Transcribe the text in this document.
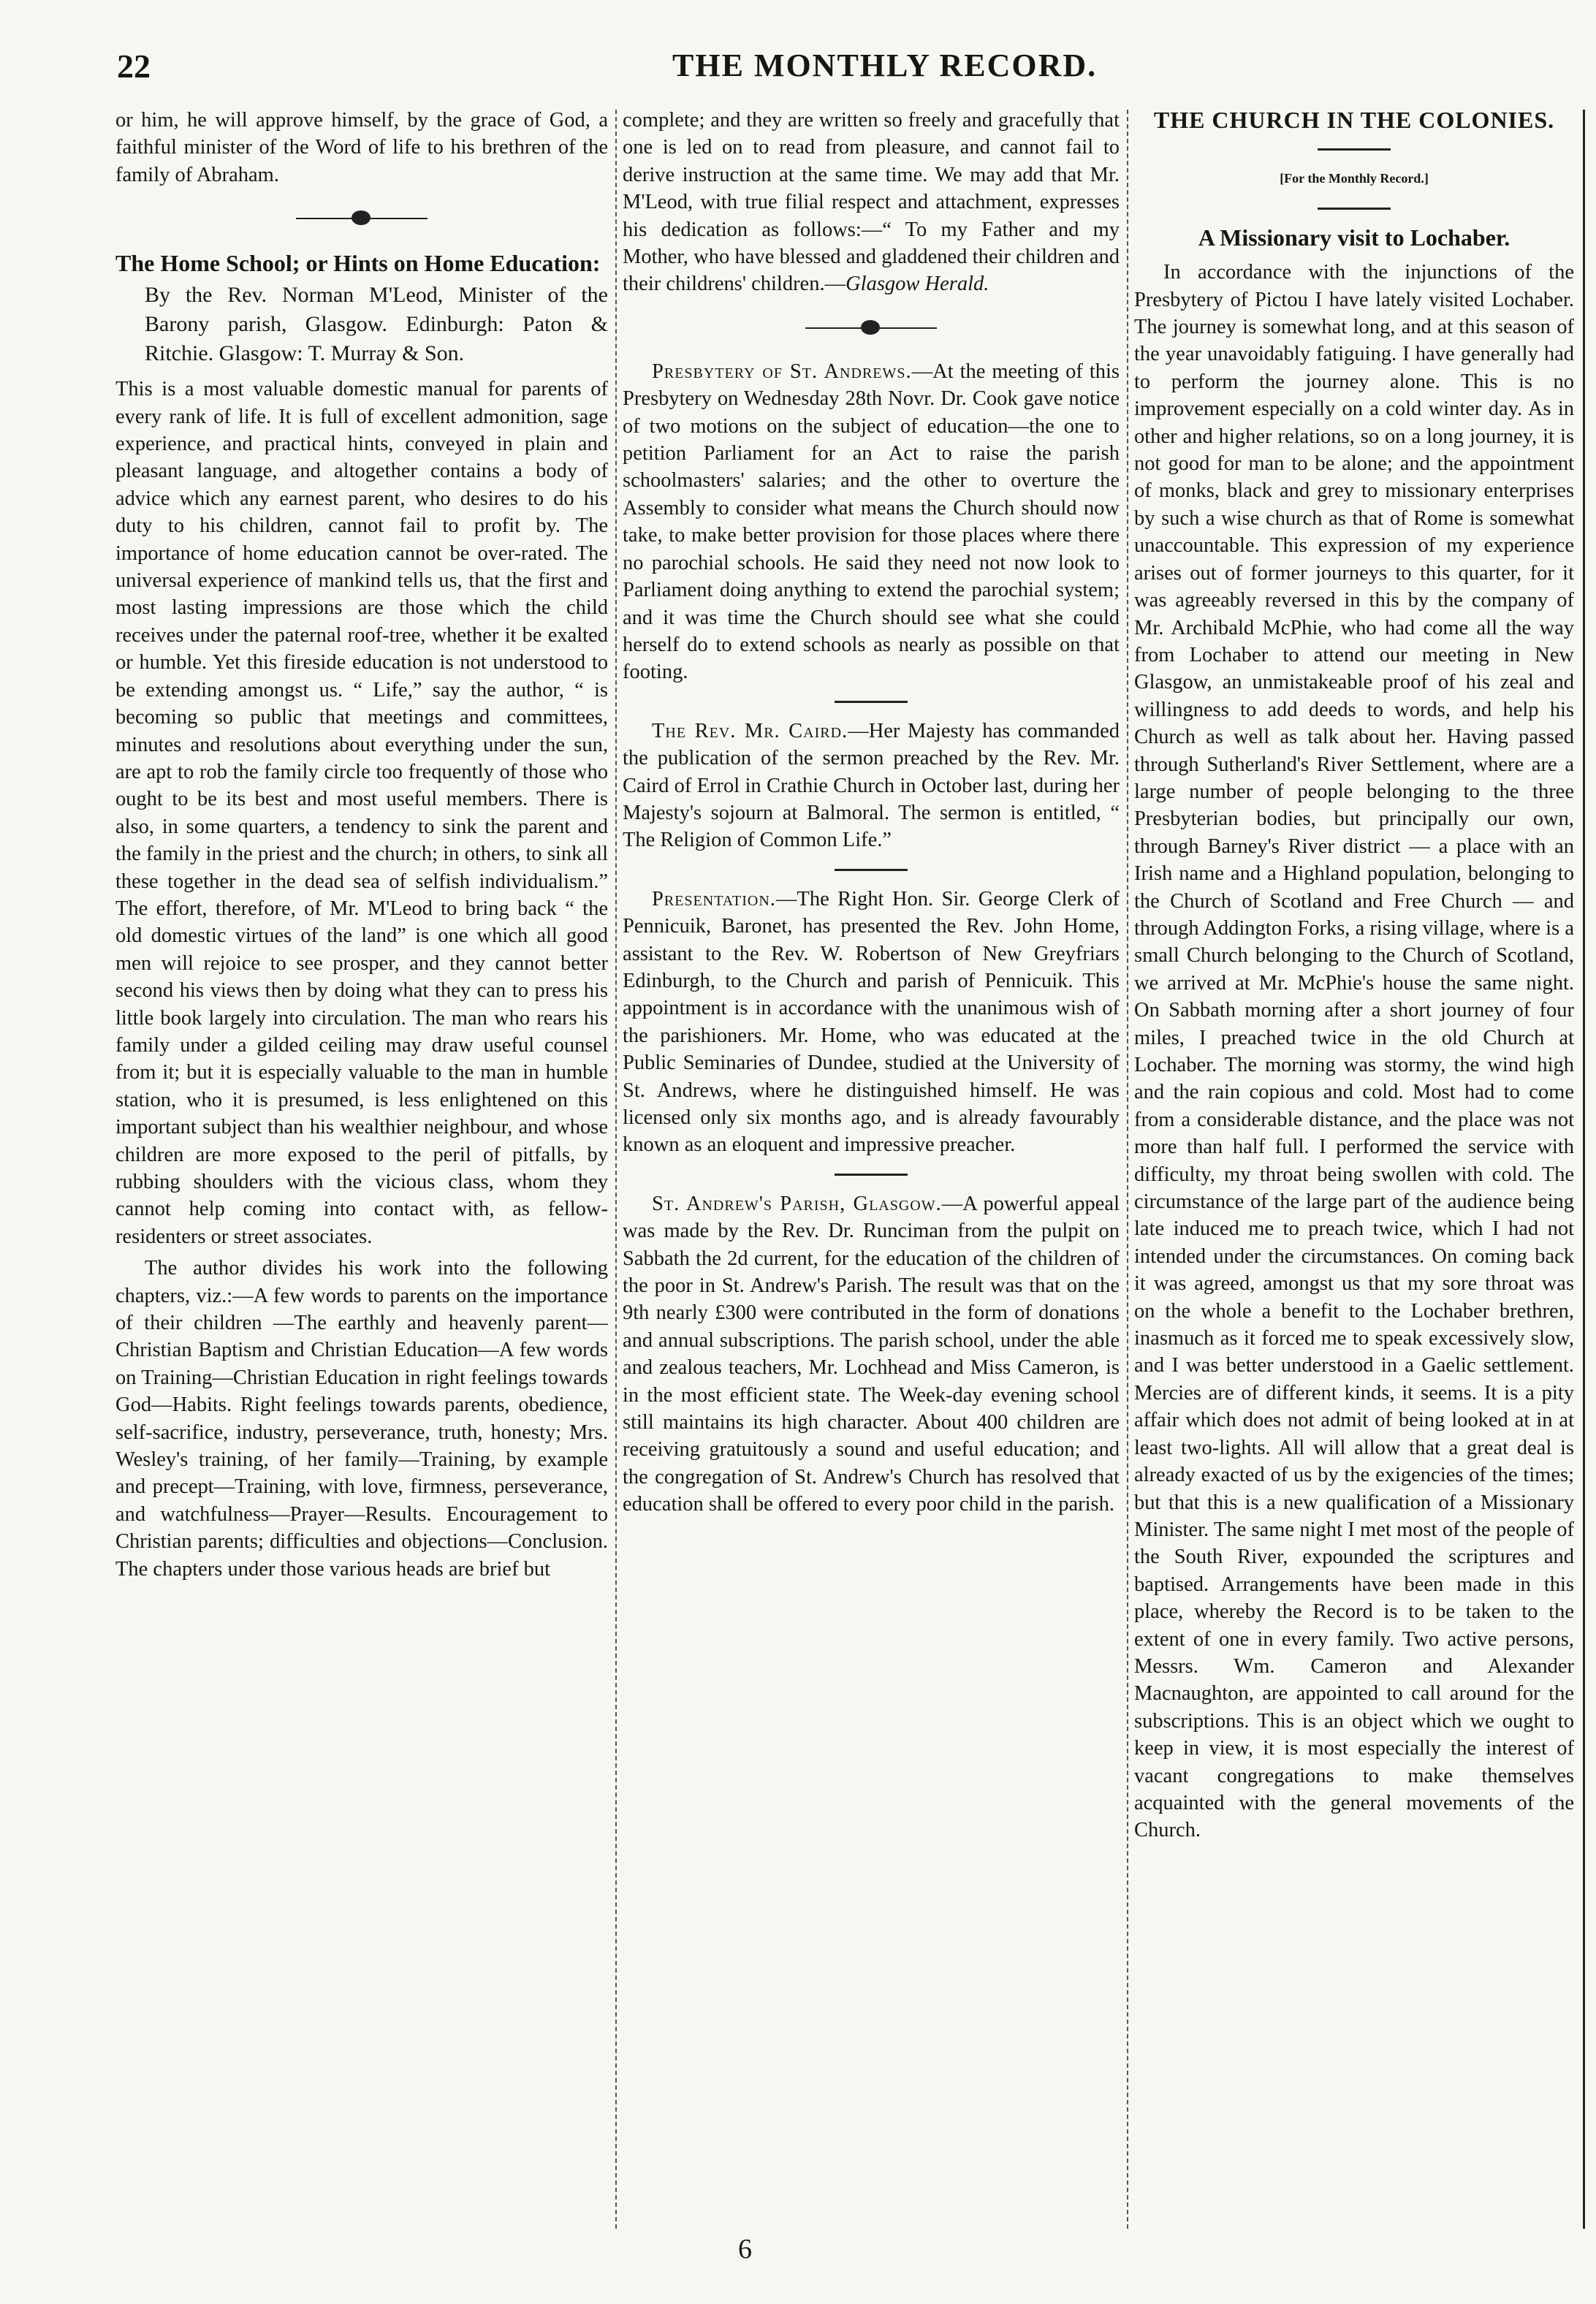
22	THE MONTHLY RECORD.

or him, he will approve himself, by the grace of God, a faithful minister of the Word of life to his brethren of the family of Abraham.

The Home School; or Hints on Home Education:
By the Rev. Norman M'Leod, Minister of the Barony parish, Glasgow. Edinburgh: Paton & Ritchie. Glasgow: T. Murray & Son.

This is a most valuable domestic manual for parents of every rank of life. It is full of excellent admonition, sage experience, and practical hints, conveyed in plain and pleasant language, and altogether contains a body of advice which any earnest parent, who desires to do his duty to his children, cannot fail to profit by. The importance of home education cannot be over-rated. The universal experience of mankind tells us, that the first and most lasting impressions are those which the child receives under the paternal roof-tree, whether it be exalted or humble. Yet this fireside education is not understood to be extending amongst us. “ Life,” say the author, “ is becoming so public that meetings and committees, minutes and resolutions about everything under the sun, are apt to rob the family circle too frequently of those who ought to be its best and most useful members. There is also, in some quarters, a tendency to sink the parent and the family in the priest and the church; in others, to sink all these together in the dead sea of selfish individualism.” The effort, therefore, of Mr. M'Leod to bring back “ the old domestic virtues of the land” is one which all good men will rejoice to see prosper, and they cannot better second his views then by doing what they can to press his little book largely into circulation. The man who rears his family under a gilded ceiling may draw useful counsel from it; but it is especially valuable to the man in humble station, who it is presumed, is less enlightened on this important subject than his wealthier neighbour, and whose children are more exposed to the peril of pitfalls, by rubbing shoulders with the vicious class, whom they cannot help coming into contact with, as fellow-residenters or street associates.

The author divides his work into the following chapters, viz.:—A few words to parents on the importance of their children —The earthly and heavenly parent—Christian Baptism and Christian Education—A few words on Training—Christian Education in right feelings towards God—Habits. Right feelings towards parents, obedience, self-sacrifice, industry, perseverance, truth, honesty; Mrs. Wesley's training, of her family—Training, by example and precept—Training, with love, firmness, perseverance, and watchfulness—Prayer—Results. Encouragement to Christian parents; difficulties and objections—Conclusion. The chapters under those various heads are brief but

complete; and they are written so freely and gracefully that one is led on to read from pleasure, and cannot fail to derive instruction at the same time. We may add that Mr. M'Leod, with true filial respect and attachment, expresses his dedication as follows:—“ To my Father and my Mother, who have blessed and gladdened their children and their childrens' children.—Glasgow Herald.

Presbytery of St. Andrews.—At the meeting of this Presbytery on Wednesday 28th Novr. Dr. Cook gave notice of two motions on the subject of education—the one to petition Parliament for an Act to raise the parish schoolmasters' salaries; and the other to overture the Assembly to consider what means the Church should now take, to make better provision for those places where there no parochial schools. He said they need not now look to Parliament doing anything to extend the parochial system; and it was time the Church should see what she could herself do to extend schools as nearly as possible on that footing.

The Rev. Mr. Caird.—Her Majesty has commanded the publication of the sermon preached by the Rev. Mr. Caird of Errol in Crathie Church in October last, during her Majesty's sojourn at Balmoral. The sermon is entitled, “ The Religion of Common Life.”

Presentation.—The Right Hon. Sir. George Clerk of Pennicuik, Baronet, has presented the Rev. John Home, assistant to the Rev. W. Robertson of New Greyfriars Edinburgh, to the Church and parish of Pennicuik. This appointment is in accordance with the unanimous wish of the parishioners. Mr. Home, who was educated at the Public Seminaries of Dundee, studied at the University of St. Andrews, where he distinguished himself. He was licensed only six months ago, and is already favourably known as an eloquent and impressive preacher.

St. Andrew's Parish, Glasgow.—A powerful appeal was made by the Rev. Dr. Runciman from the pulpit on Sabbath the 2d current, for the education of the children of the poor in St. Andrew's Parish. The result was that on the 9th nearly £300 were contributed in the form of donations and annual subscriptions. The parish school, under the able and zealous teachers, Mr. Lochhead and Miss Cameron, is in the most efficient state. The Week-day evening school still maintains its high character. About 400 children are receiving gratuitously a sound and useful education; and the congregation of St. Andrew's Church has resolved that education shall be offered to every poor child in the parish.

THE CHURCH IN THE COLONIES.
[For the Monthly Record.]
A Missionary visit to Lochaber.

In accordance with the injunctions of the Presbytery of Pictou I have lately visited Lochaber. The journey is somewhat long, and at this season of the year unavoidably fatiguing. I have generally had to perform the journey alone. This is no improvement especially on a cold winter day. As in other and higher relations, so on a long journey, it is not good for man to be alone; and the appointment of monks, black and grey to missionary enterprises by such a wise church as that of Rome is somewhat unaccountable. This expression of my experience arises out of former journeys to this quarter, for it was agreeably reversed in this by the company of Mr. Archibald McPhie, who had come all the way from Lochaber to attend our meeting in New Glasgow, an unmistakeable proof of his zeal and willingness to add deeds to words, and help his Church as well as talk about her. Having passed through Sutherland's River Settlement, where are a large number of people belonging to the three Presbyterian bodies, but principally our own, through Barney's River district — a place with an Irish name and a Highland population, belonging to the Church of Scotland and Free Church — and through Addington Forks, a rising village, where is a small Church belonging to the Church of Scotland, we arrived at Mr. McPhie's house the same night. On Sabbath morning after a short journey of four miles, I preached twice in the old Church at Lochaber. The morning was stormy, the wind high and the rain copious and cold. Most had to come from a considerable distance, and the place was not more than half full. I performed the service with difficulty, my throat being swollen with cold. The circumstance of the large part of the audience being late induced me to preach twice, which I had not intended under the circumstances. On coming back it was agreed, amongst us that my sore throat was on the whole a benefit to the Lochaber brethren, inasmuch as it forced me to speak excessively slow, and I was better understood in a Gaelic settlement. Mercies are of different kinds, it seems. It is a pity affair which does not admit of being looked at in at least two-lights. All will allow that a great deal is already exacted of us by the exigencies of the times; but that this is a new qualification of a Missionary Minister. The same night I met most of the people of the South River, expounded the scriptures and baptised. Arrangements have been made in this place, whereby the Record is to be taken to the extent of one in every family. Two active persons, Messrs. Wm. Cameron and Alexander Macnaughton, are appointed to call around for the subscriptions. This is an object which we ought to keep in view, it is most especially the interest of vacant congregations to make themselves acquainted with the general movements of the Church.

6
